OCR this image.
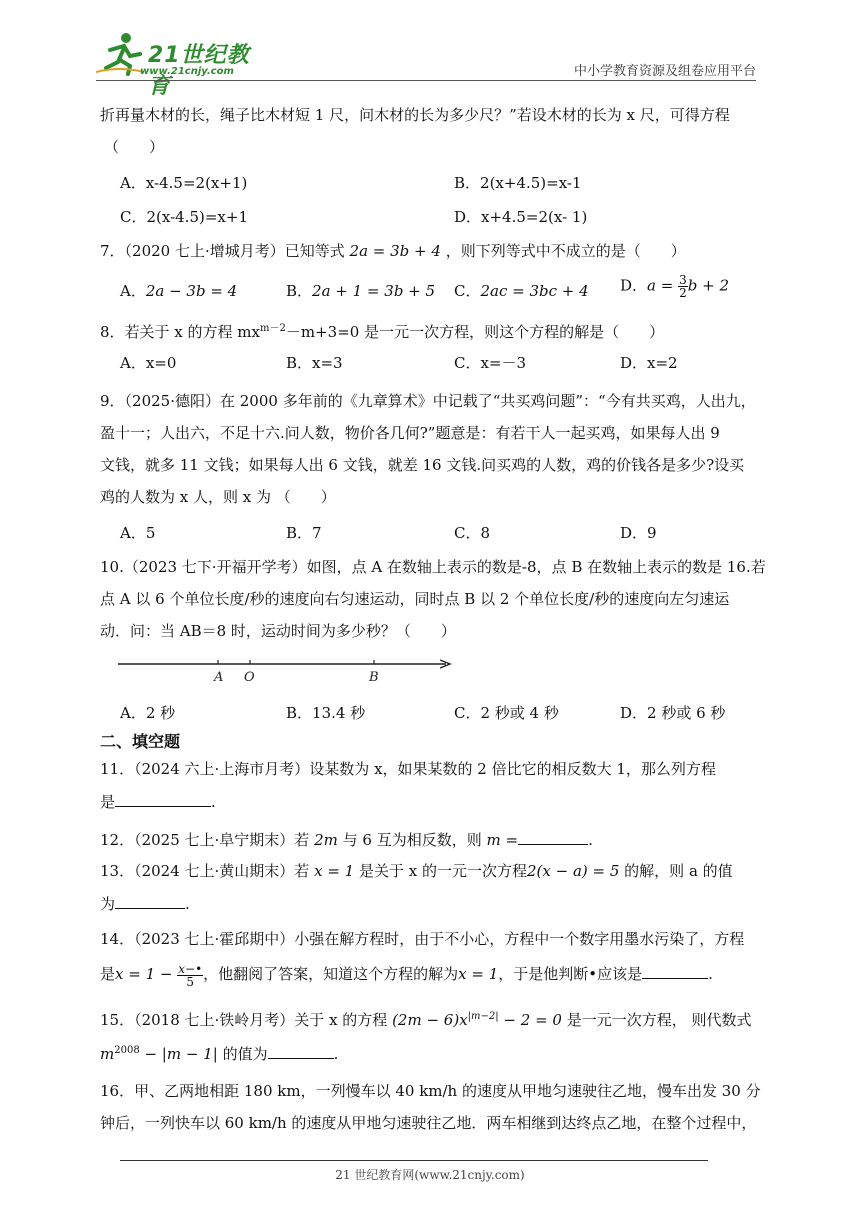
21世纪教育
www.21cnjy.com	中小学教育资源及组卷应用平台
折再量木材的长，绳子比木材短 1 尺，问木材的长为多少尺？”若设木材的长为 x 尺，可得方程
（　　）
A．x-4.5=2(x+1)	B．2(x+4.5)=x-1
C．2(x-4.5)=x+1	D．x+4.5=2(x- 1)
7．（2020 七上·增城月考）已知等式 2a = 3b + 4 ，则下列等式中不成立的是（　　）
A．2a − 3b = 4	B．2a + 1 = 3b + 5 C．2ac = 3bc + 4 D．$a = \frac{3}{2}$ b + 2
8．若关于 x 的方程 $mx^{m-2}-m+3=0$ 是一元一次方程，则这个方程的解是（　　）
A．x=0	B．x=3	C．x=－3	D．x=2
9．（2025·德阳）在 2000 多年前的《九章算术》中记载了“共买鸡问题”：“今有共买鸡，人出九，
盈十一；人出六，不足十六.问人数，物价各几何?”题意是：有若干人一起买鸡，如果每人出 9
文钱，就多 11 文钱；如果每人出 6 文钱，就差 16 文钱.问买鸡的人数，鸡的价钱各是多少?设买
鸡的人数为 x 人，则 x 为 （　　）
A．5	B．7	C．8	D．9
10.（2023 七下·开福开学考）如图，点 A 在数轴上表示的数是-8，点 B 在数轴上表示的数是 16.若
点 A 以 6 个单位长度/秒的速度向右匀速运动，同时点 B 以 2 个单位长度/秒的速度向左匀速运
动．问：当 AB＝8 时，运动时间为多少秒？（　　）
A O	B
A．2 秒	B．13.4 秒	C．2 秒或 4 秒	D．2 秒或 6 秒
二、填空题
11．（2024 六上·上海市月考）设某数为 x，如果某数的 2 倍比它的相反数大 1，那么列方程
是	.
12．（2025 七上·阜宁期末）若 2m 与 6 互为相反数，则 m =	.
13．（2024 七上·黄山期末）若 x = 1 是关于 x 的一元一次方程2(x − a) = 5 的解，则 a 的值
为	.
14．（2023 七上·霍邱期中）小强在解方程时，由于不小心，方程中一个数字用墨水污染了，方程
是$x = 1 - \frac{x-•}{5}$ ，他翻阅了答案，知道这个方程的解为x = 1，于是他判断•应该是	.
15．（2018 七上·铁岭月考）关于 x 的方程 $(2m - 6)x^{|m-2|} - 2 = 0$ 是一元一次方程， 则代数式
$m^{2008} - |m - 1|$ 的值为	.
16．甲、乙两地相距 180 km，一列慢车以 40 km/h 的速度从甲地匀速驶往乙地，慢车出发 30 分
钟后，一列快车以 60 km/h 的速度从甲地匀速驶往乙地．两车相继到达终点乙地，在整个过程中，
21 世纪教育网(www.21cnjy.com)
